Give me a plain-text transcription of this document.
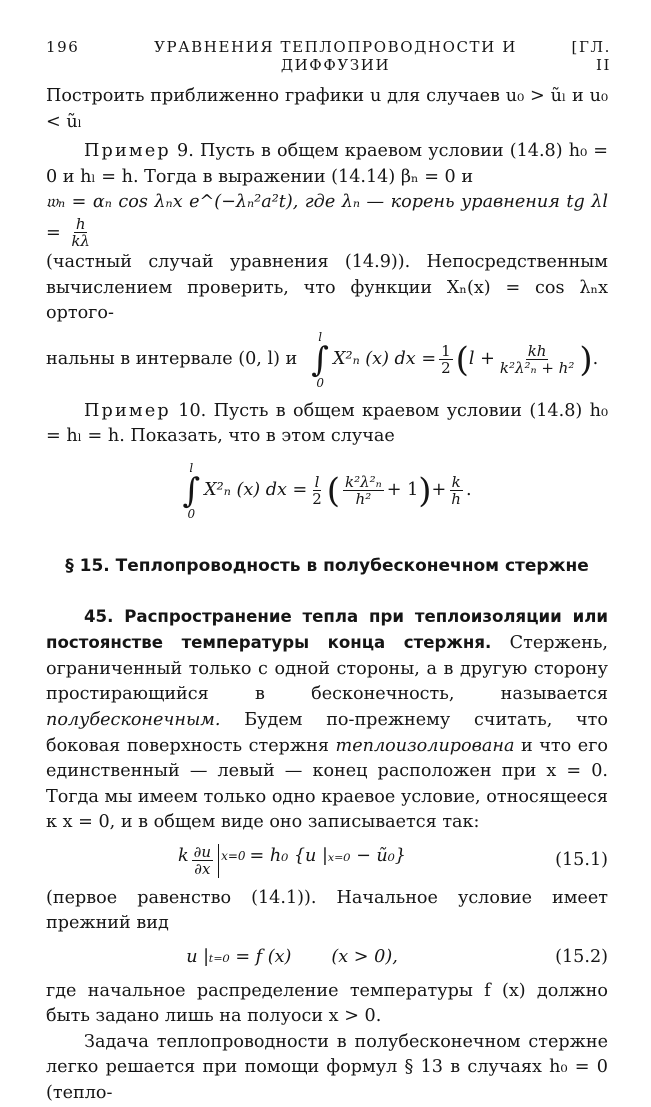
196	УРАВНЕНИЯ ТЕПЛОПРОВОДНОСТИ И ДИФФУЗИИ
[ГЛ. II

Построить приближенно графики u для случаев u₀ > ũₗ и u₀ < ũₗ

Пример 9. Пусть в общем краевом условии (14.8) h₀ = 0 и hₗ = h. Тогда в выражении (14.14) βₙ = 0 и

𝔴ₙ = αₙ cos λₙx e^(−λₙ²a²t), где λₙ — корень уравнения tg $\lambda l = \frac{h}{k\lambda}$

(частный случай уравнения (14.9)). Непосредственным вычислением проверить, что функции Xₙ(x) = cos λₙx ортого-

нальны в интервале (0, l) и
l
∫
0
X²ₙ (x) dx = $\frac{1}{2}$ ( $l + \frac{kh}{\text{k²λ²ₙ + h²}}$ ) .

Пример 10. Пусть в общем краевом условии (14.8) h₀ = hₗ = h. Показать, что в этом случае

l
∫
0
X²ₙ (x) dx = $\frac{l}{2}$ ( $\frac{\text{k²λ²ₙ}}{\text{h²}} + 1$ ) + $\frac{k}{h}$ .
§ 15. Теплопроводность в полубесконечном стержне

45. Распространение тепла при теплоизоляции или постоянстве температуры конца стержня. Стержень, ограниченный только с одной стороны, а в другую сторону простирающийся в бесконечность, называется полубесконечным. Будем по-прежнему считать, что боковая поверхность стержня теплоизолирована и что его единственный — левый — конец расположен при x = 0. Тогда мы имеем только одно краевое условие, относящееся к x = 0, и в общем виде оно записывается так:

k $\frac{\partial u}{\partial x} x=0 = h_0$ {u |ₓ₌₀ − ũ₀}	(15.1)

(первое равенство (14.1)). Начальное условие имеет прежний вид

u |ₜ₌₀ = f (x) (x > 0),	(15.2)

где начальное распределение температуры f (x) должно быть задано лишь на полуоси x > 0.

Задача теплопроводности в полубесконечном стержне легко решается при помощи формул § 13 в случаях h₀ = 0 (тепло-
